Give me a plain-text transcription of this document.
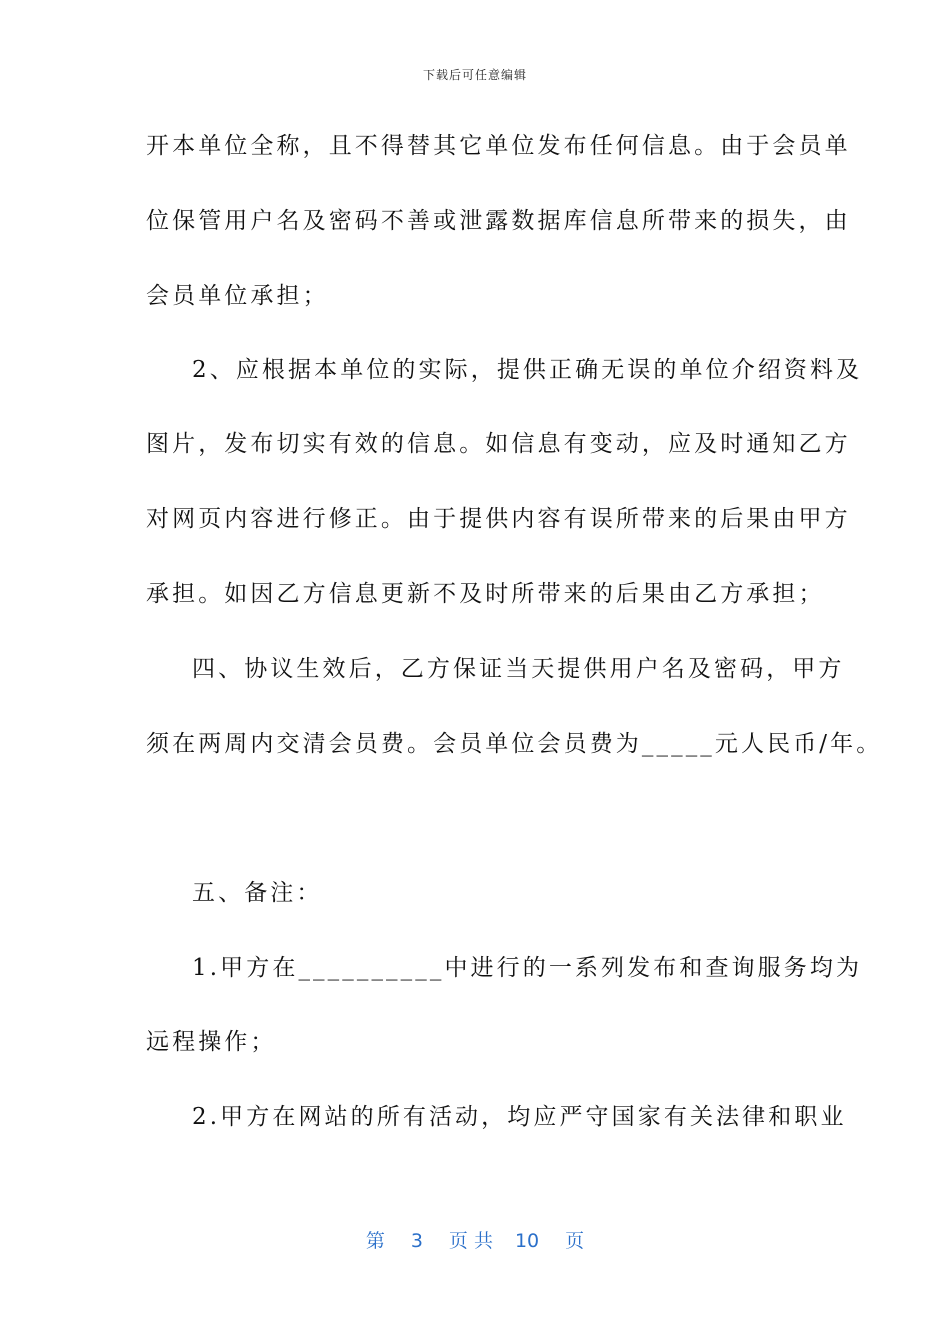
下载后可任意编辑
开本单位全称，且不得替其它单位发布任何信息。由于会员单
位保管用户名及密码不善或泄露数据库信息所带来的损失，由
会员单位承担；
2、应根据本单位的实际，提供正确无误的单位介绍资料及
图片，发布切实有效的信息。如信息有变动，应及时通知乙方
对网页内容进行修正。由于提供内容有误所带来的后果由甲方
承担。如因乙方信息更新不及时所带来的后果由乙方承担；
四、协议生效后，乙方保证当天提供用户名及密码，甲方
须在两周内交清会员费。会员单位会员费为_____元人民币/年。
五、备注：
1.甲方在__________中进行的一系列发布和查询服务均为
远程操作；
2.甲方在网站的所有活动，均应严守国家有关法律和职业
第 3 页 共 10 页
